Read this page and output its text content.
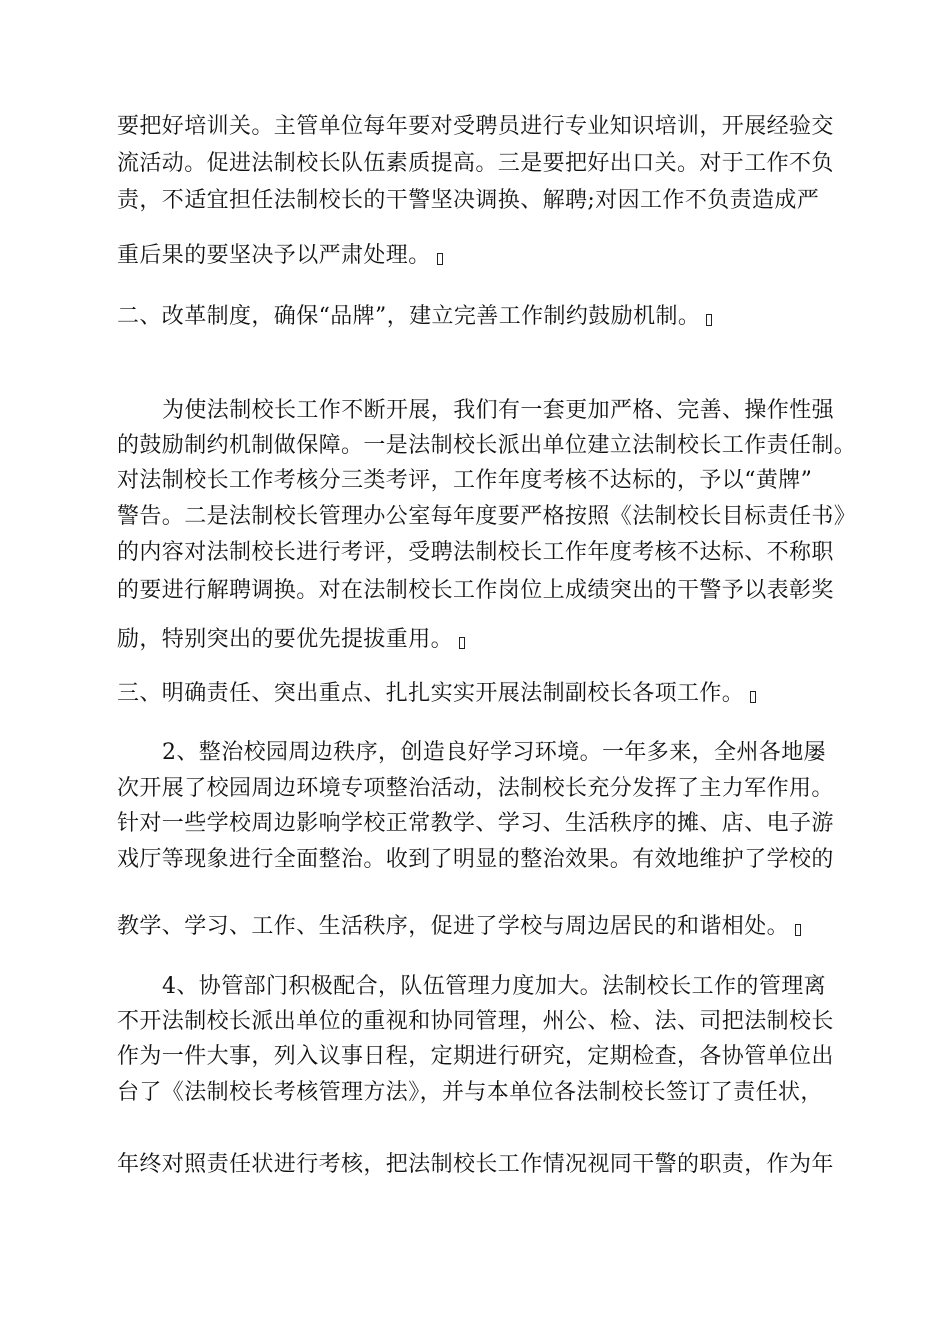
要把好培训关。主管单位每年要对受聘员进行专业知识培训，开展经验交
流活动。促进法制校长队伍素质提高。三是要把好出口关。对于工作不负
责，不适宜担任法制校长的干警坚决调换、解聘;对因工作不负责造成严
重后果的要坚决予以严肃处理。
二、改革制度，确保“品牌”，建立完善工作制约鼓励机制。
为使法制校长工作不断开展，我们有一套更加严格、完善、操作性强
的鼓励制约机制做保障。一是法制校长派出单位建立法制校长工作责任制。
对法制校长工作考核分三类考评，工作年度考核不达标的，予以“黄牌”
警告。二是法制校长管理办公室每年度要严格按照《法制校长目标责任书》
的内容对法制校长进行考评，受聘法制校长工作年度考核不达标、不称职
的要进行解聘调换。对在法制校长工作岗位上成绩突出的干警予以表彰奖
励，特别突出的要优先提拔重用。
三、明确责任、突出重点、扎扎实实开展法制副校长各项工作。
2、整治校园周边秩序，创造良好学习环境。一年多来，全州各地屡
次开展了校园周边环境专项整治活动，法制校长充分发挥了主力军作用。
针对一些学校周边影响学校正常教学、学习、生活秩序的摊、店、电子游
戏厅等现象进行全面整治。收到了明显的整治效果。有效地维护了学校的
教学、学习、工作、生活秩序，促进了学校与周边居民的和谐相处。
4、协管部门积极配合，队伍管理力度加大。法制校长工作的管理离
不开法制校长派出单位的重视和协同管理，州公、检、法、司把法制校长
作为一件大事，列入议事日程，定期进行研究，定期检查，各协管单位出
台了《法制校长考核管理方法》，并与本单位各法制校长签订了责任状，
年终对照责任状进行考核，把法制校长工作情况视同干警的职责，作为年
